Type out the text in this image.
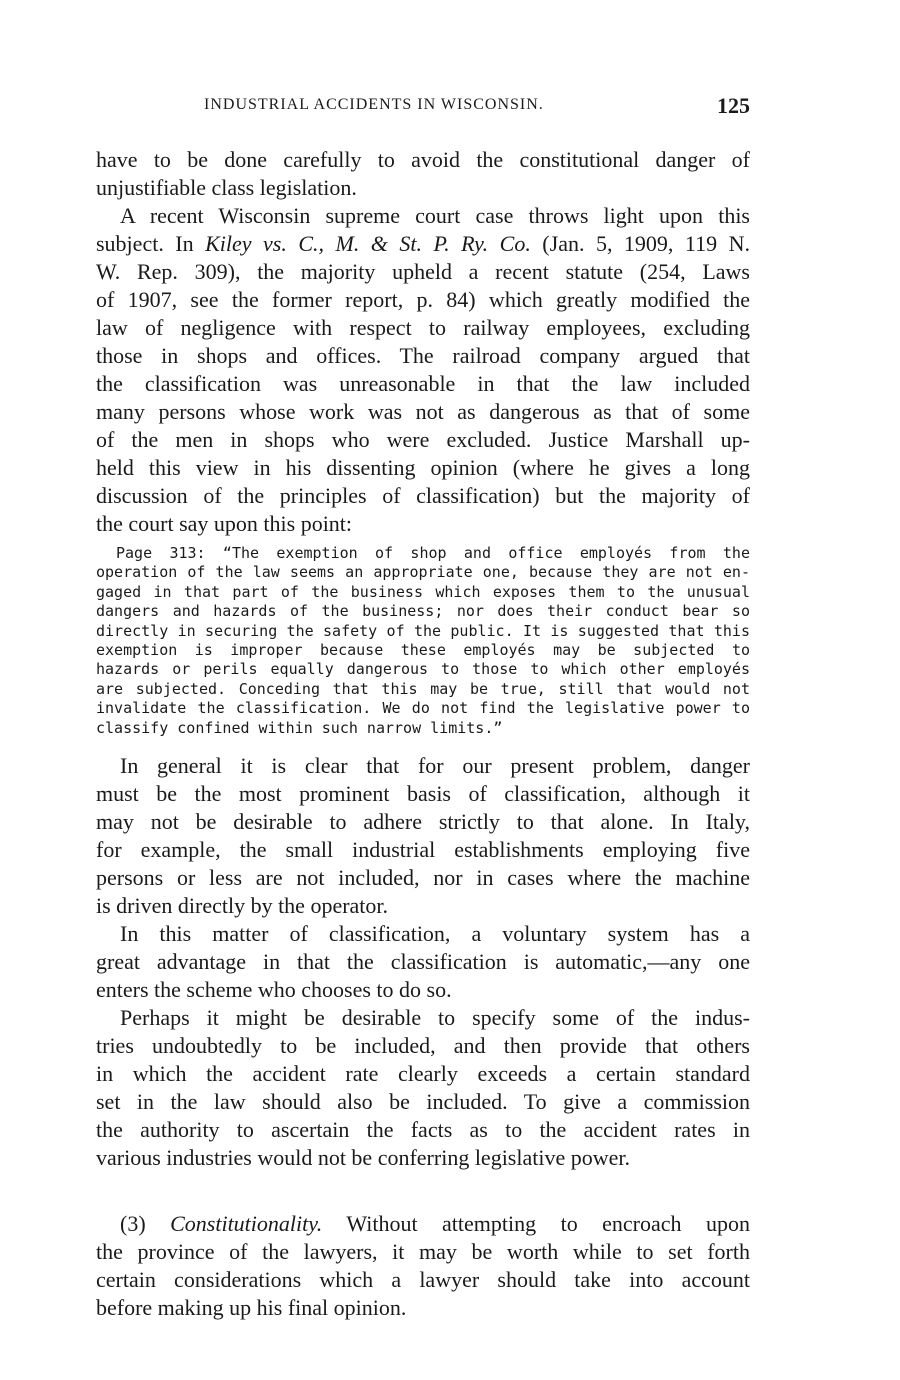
INDUSTRIAL ACCIDENTS IN WISCONSIN.	125
have to be done carefully to avoid the constitutional danger of
unjustifiable class legislation.
A recent Wisconsin supreme court case throws light upon this
subject. In Kiley vs. C., M. & St. P. Ry. Co. (Jan. 5, 1909, 119 N.
W. Rep. 309), the majority upheld a recent statute (254, Laws
of 1907, see the former report, p. 84) which greatly modified the
law of negligence with respect to railway employees, excluding
those in shops and offices. The railroad company argued that
the classification was unreasonable in that the law included
many persons whose work was not as dangerous as that of some
of the men in shops who were excluded. Justice Marshall up-
held this view in his dissenting opinion (where he gives a long
discussion of the principles of classification) but the majority of
the court say upon this point:
Page 313: “The exemption of shop and office employés from the
operation of the law seems an appropriate one, because they are not en-
gaged in that part of the business which exposes them to the unusual
dangers and hazards of the business; nor does their conduct bear so
directly in securing the safety of the public. It is suggested that this
exemption is improper because these employés may be subjected to
hazards or perils equally dangerous to those to which other employés
are subjected. Conceding that this may be true, still that would not
invalidate the classification. We do not find the legislative power to
classify confined within such narrow limits.”
In general it is clear that for our present problem, danger
must be the most prominent basis of classification, although it
may not be desirable to adhere strictly to that alone. In Italy,
for example, the small industrial establishments employing five
persons or less are not included, nor in cases where the machine
is driven directly by the operator.
In this matter of classification, a voluntary system has a
great advantage in that the classification is automatic,—any one
enters the scheme who chooses to do so.
Perhaps it might be desirable to specify some of the indus-
tries undoubtedly to be included, and then provide that others
in which the accident rate clearly exceeds a certain standard
set in the law should also be included. To give a commission
the authority to ascertain the facts as to the accident rates in
various industries would not be conferring legislative power.
(3) Constitutionality. Without attempting to encroach upon
the province of the lawyers, it may be worth while to set forth
certain considerations which a lawyer should take into account
before making up his final opinion.
